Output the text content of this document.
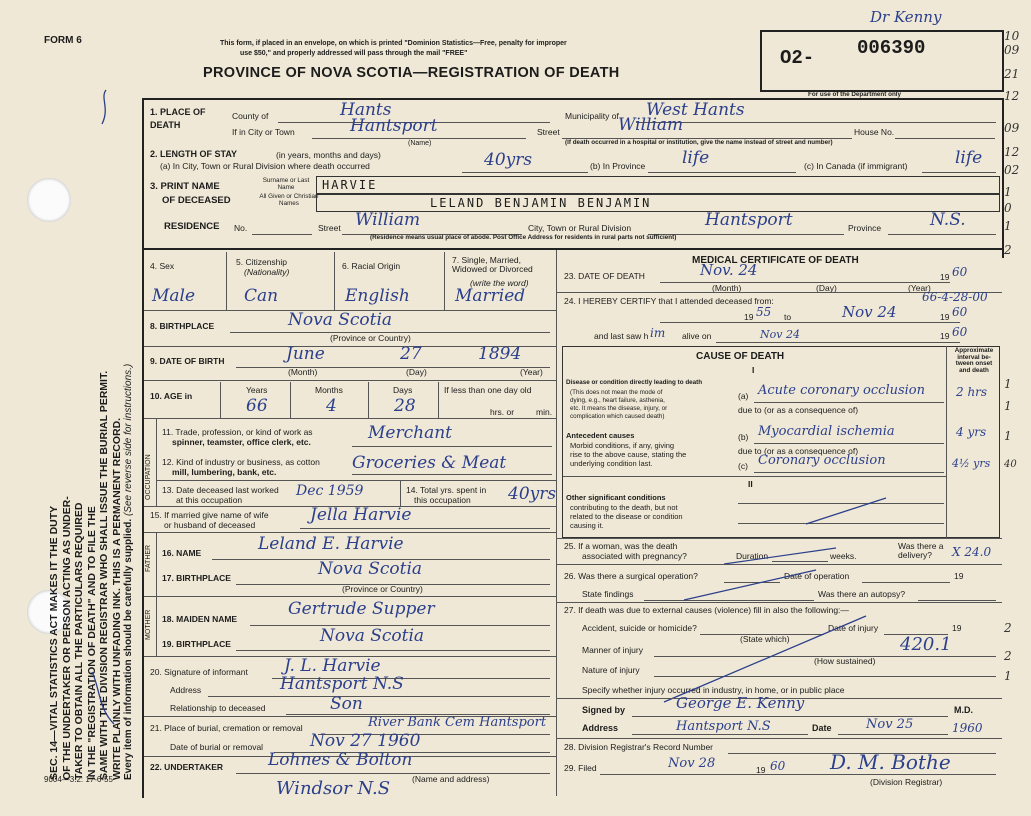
SEC. 14—VITAL STATISTICS ACT MAKES IT THE DUTY OF THE UNDERTAKER OR PERSON ACTING AS UNDER- TAKER TO OBTAIN ALL THE PARTICULARS REQUIRED IN THE "REGISTRATION OF DEATH" AND TO FILE THE SAME WITH THE DIVISION REGISTRAR WHO SHALL ISSUE THE BURIAL PERMIT. WRITE PLAINLY WITH UNFADING INK. THIS IS A PERMANENT RECORD. Every item of information should be carefully supplied. (See reverse side for instructions.)
FORM 6	This form, if placed in an envelope, on which is printed "Dominion Statistics—Free, penalty for improper
use $50," and properly addressed will pass through the mail "FREE"
PROVINCE OF NOVA SCOTIA—REGISTRATION OF DEATH
O2- 006390
For use of the Department only
Dr Kenny
10
09
21
12
09
12
02
1
0
1
2
1
1
1
40
2
2
1
1. PLACE OF DEATH
County of	Hants	Municipality of West Hants
If in City or Town	Hantsport
(Name)
Street	William	House No.
(If death occurred in a hospital or institution, give the name instead of street and number)
2. LENGTH OF STAY	(in years, months and days)
(a) In City, Town or Rural Division where death occurred	40yrs	(b) In Province life	(c) In Canada (if immigrant)	life
3. PRINT NAME
OF DECEASED
Surname or Last Name	HARVIE
All Given or Christian Names	LELAND BENJAMIN BENJAMIN
RESIDENCE No.	Street William	City, Town or Rural Division	Hantsport	Province	N.S.
(Residence means usual place of abode. Post Office Address for residents in rural parts not sufficient)
4. Sex	5. Citizenship
(Nationality)
6. Racial Origin
7. Single, Married, Widowed or Divorced
(write the word)
Male	Can	English	Married
8. BIRTHPLACE	Nova Scotia
(Province or Country)
9. DATE OF BIRTH	June	27	1894
(Month)	(Day)	(Year)
10. AGE in
Years	Months	Days	If less than one day old
66	4	28	hrs. or	min.
OCCUPATION
11. Trade, profession, or kind of work as
spinner, teamster, office clerk, etc.	Merchant
12. Kind of industry or business, as cotton
mill, lumbering, bank, etc.	Groceries & Meat
13. Date deceased last worked
at this occupation
Dec 1959	14. Total yrs. spent in
this occupation 40yrs
15. If married give name of wife
or husband of deceased	Jella Harvie
FATHER 16. NAME	Leland E. Harvie
17. BIRTHPLACE	Nova Scotia
(Province or Country)
MOTHER 18. MAIDEN NAME	Gertrude Supper
19. BIRTHPLACE	Nova Scotia
20. Signature of informant J. L. Harvie
Address	Hantsport N.S
Relationship to deceased	Son
21. Place of burial, cremation or removal	River Bank Cem Hantsport
Date of burial or removal	Nov 27 1960
22. UNDERTAKER	Lohnes & Bolton
(Name and address)
Windsor N.S
MEDICAL CERTIFICATE OF DEATH
23. DATE OF DEATH	Nov. 24	19 60
(Month)	(Day)	(Year)
24. I HEREBY CERTIFY that I attended deceased from:	66-4-28-00
19 55 to	Nov 24	19 60
and last saw h im alive on	Nov 24	19 60
CAUSE OF DEATH
Approximate interval be- tween onset and death
I
Disease or condition directly leading to death
(This does not mean the mode of
dying, e.g., heart failure, asthenia,
etc. It means the disease, injury, or
complication which caused death)
(a) Acute coronary occlusion	2 hrs
due to (or as a consequence of)
Antecedent causes
Morbid conditions, if any, giving
rise to the above cause, stating the
underlying condition last.
(b) Myocardial ischemia	4 yrs
due to (or as a consequence of)
(c) Coronary occlusion	4½ yrs
II
Other significant conditions
contributing to the death, but not
related to the disease or condition
causing it.
25. If a woman, was the death
associated with pregnancy?	Duration	weeks.
Was there a delivery?	X 24.0
26. Was there a surgical operation?	Date of operation	19
State findings	Was there an autopsy?
27. If death was due to external causes (violence) fill in also the following:—
Accident, suicide or homicide?
(State which)
Date of injury	19
Manner of injury	420.1
(How sustained)
Nature of injury
Specify whether injury occurred in industry, in home, or in public place
Signed by	George E. Kenny	M.D.
Address	Hantsport N.S	Date	Nov 25	1960
28. Division Registrar's Record Number
29. Filed	Nov 28	19 60 D. M. Bothe
(Division Registrar)
9004—3.2: 17-6-55
